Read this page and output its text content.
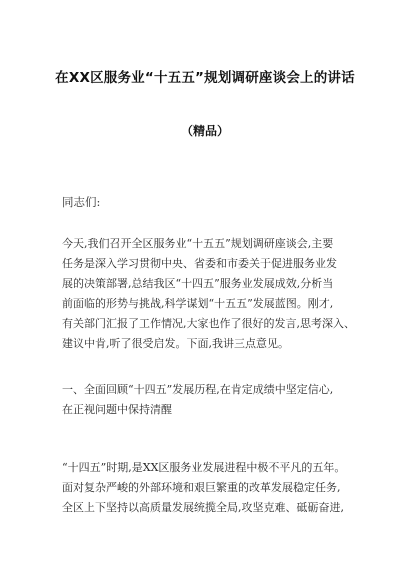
在XX区服务业“十五五”规划调研座谈会上的讲话
（精品）
同志们:
今天,我们召开全区服务业“十五五”规划调研座谈会,主要
任务是深入学习贯彻中央、省委和市委关于促进服务业发
展的决策部署,总结我区“十四五”服务业发展成效,分析当
前面临的形势与挑战,科学谋划“十五五”发展蓝图。刚才,
有关部门汇报了工作情况,大家也作了很好的发言,思考深入、
建议中肯,听了很受启发。下面,我讲三点意见。
一、全面回顾“十四五”发展历程,在肯定成绩中坚定信心,
在正视问题中保持清醒
“十四五”时期,是XX区服务业发展进程中极不平凡的五年。
面对复杂严峻的外部环境和艰巨繁重的改革发展稳定任务,
全区上下坚持以高质量发展统揽全局,攻坚克难、砥砺奋进,
